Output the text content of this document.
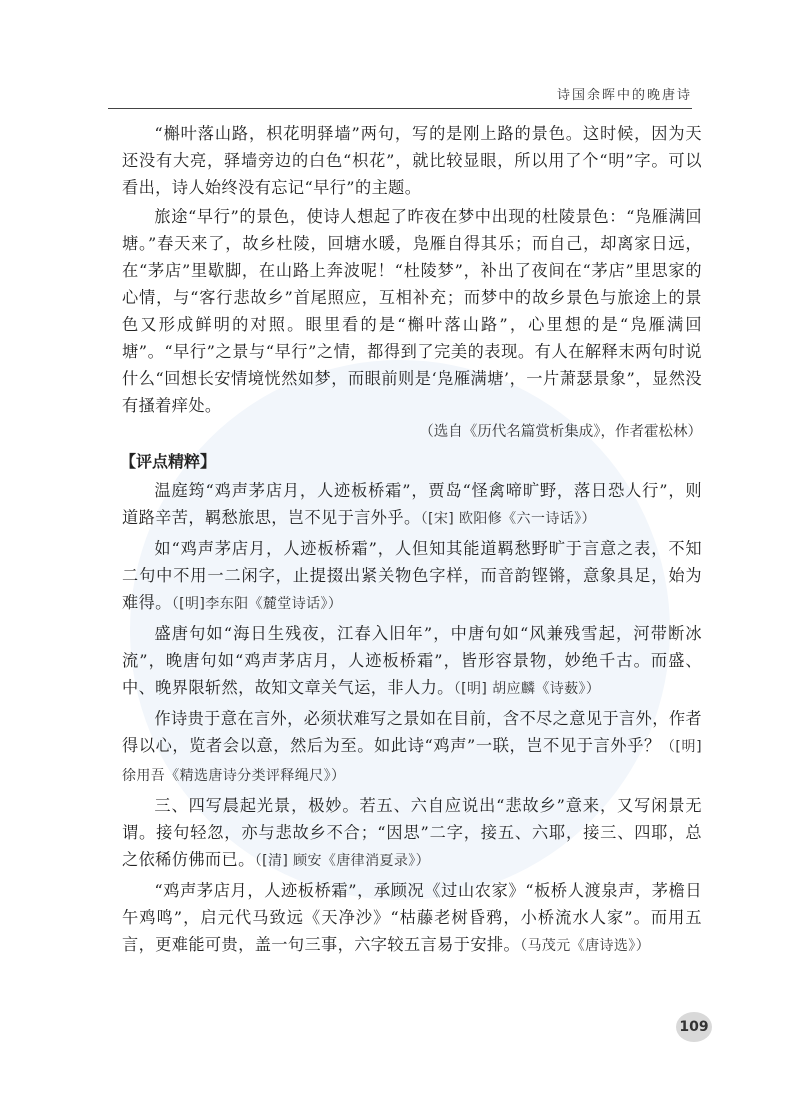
诗国余晖中的晚唐诗

“槲叶落山路，枳花明驿墙”两句，写的是刚上路的景色。这时候，因为天还没有大亮，驿墙旁边的白色“枳花”，就比较显眼，所以用了个“明”字。可以看出，诗人始终没有忘记“早行”的主题。

旅途“早行”的景色，使诗人想起了昨夜在梦中出现的杜陵景色：“凫雁满回塘。”春天来了，故乡杜陵，回塘水暖，凫雁自得其乐；而自己，却离家日远，在“茅店”里歇脚，在山路上奔波呢！“杜陵梦”，补出了夜间在“茅店”里思家的心情，与“客行悲故乡”首尾照应，互相补充；而梦中的故乡景色与旅途上的景色又形成鲜明的对照。眼里看的是“槲叶落山路”，心里想的是“凫雁满回塘”。“早行”之景与“早行”之情，都得到了完美的表现。有人在解释末两句时说什么“回想长安情境恍然如梦，而眼前则是‘凫雁满塘’，一片萧瑟景象”，显然没有搔着痒处。

（选自《历代名篇赏析集成》，作者霍松林）

【评点精粹】

温庭筠“鸡声茅店月，人迹板桥霜”，贾岛“怪禽啼旷野，落日恐人行”，则道路辛苦，羁愁旅思，岂不见于言外乎。（[宋] 欧阳修《六一诗话》）

如“鸡声茅店月，人迹板桥霜”，人但知其能道羁愁野旷于言意之表，不知二句中不用一二闲字，止提掇出紧关物色字样，而音韵铿锵，意象具足，始为难得。（[明]李东阳《麓堂诗话》）

盛唐句如“海日生残夜，江春入旧年”，中唐句如“风兼残雪起，河带断冰流”，晚唐句如“鸡声茅店月，人迹板桥霜”，皆形容景物，妙绝千古。而盛、中、晚界限斩然，故知文章关气运，非人力。（[明] 胡应麟《诗薮》）

作诗贵于意在言外，必须状难写之景如在目前，含不尽之意见于言外，作者得以心，览者会以意，然后为至。如此诗“鸡声”一联，岂不见于言外乎？（[明] 徐用吾《精选唐诗分类评释绳尺》）

三、四写晨起光景，极妙。若五、六自应说出“悲故乡”意来，又写闲景无谓。接句轻忽，亦与悲故乡不合；“因思”二字，接五、六耶，接三、四耶，总之依稀仿佛而已。（[清] 顾安《唐律消夏录》）

“鸡声茅店月，人迹板桥霜”，承顾况《过山农家》“板桥人渡泉声，茅檐日午鸡鸣”，启元代马致远《天净沙》“枯藤老树昏鸦，小桥流水人家”。而用五言，更难能可贵，盖一句三事，六字较五言易于安排。（马茂元《唐诗选》）

109
